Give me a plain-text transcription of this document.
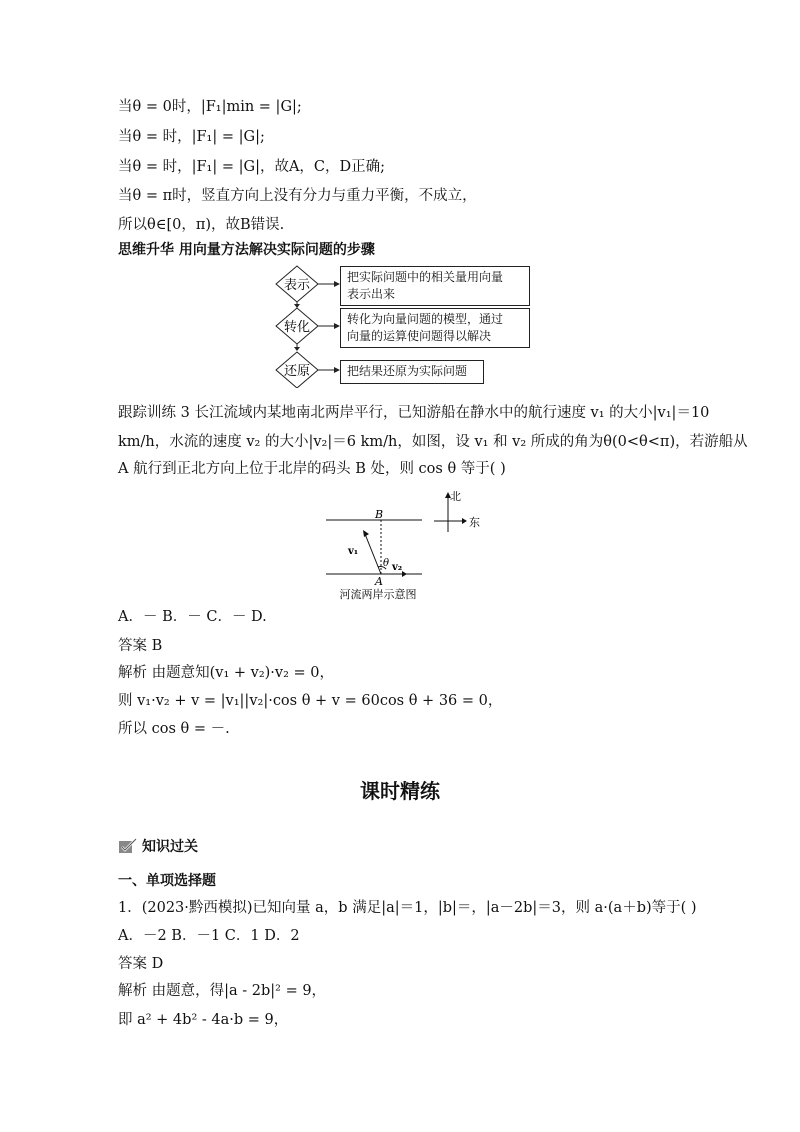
当θ = 0时，|F₁|min = |G|;
当θ = 时，|F₁| = |G|;
当θ = 时，|F₁| = |G|，故A，C，D正确;
当θ = π时，竖直方向上没有分力与重力平衡，不成立，
所以θ∈[0，π)，故B错误.
思维升华 用向量方法解决实际问题的步骤
表示
转化
还原
把实际问题中的相关量用向量
表示出来
转化为向量问题的模型，通过
向量的运算使问题得以解决
把结果还原为实际问题
跟踪训练 3 长江流域内某地南北两岸平行，已知游船在静水中的航行速度 v₁ 的大小|v₁|＝10
km/h，水流的速度 v₂ 的大小|v₂|＝6 km/h，如图，设 v₁ 和 v₂ 所成的角为θ(0<θ<π)，若游船从
A 航行到正北方向上位于北岸的码头 B 处，则 cos θ 等于( )
B
A
v₁
v₂
θ
北
东
河流两岸示意图
A．－ B．－ C．－ D.
答案 B
解析 由题意知(v₁ + v₂)·v₂ = 0，
则 v₁·v₂ + v = |v₁||v₂|·cos θ + v = 60cos θ + 36 = 0，
所以 cos θ = －.
课时精练
知识过关
一、单项选择题
1．(2023·黔西模拟)已知向量 a，b 满足|a|＝1，|b|＝，|a－2b|＝3，则 a·(a＋b)等于( )
A．－2 B．－1 C．1 D．2
答案 D
解析 由题意，得|a - 2b|² = 9，
即 a² + 4b² - 4a·b = 9，
